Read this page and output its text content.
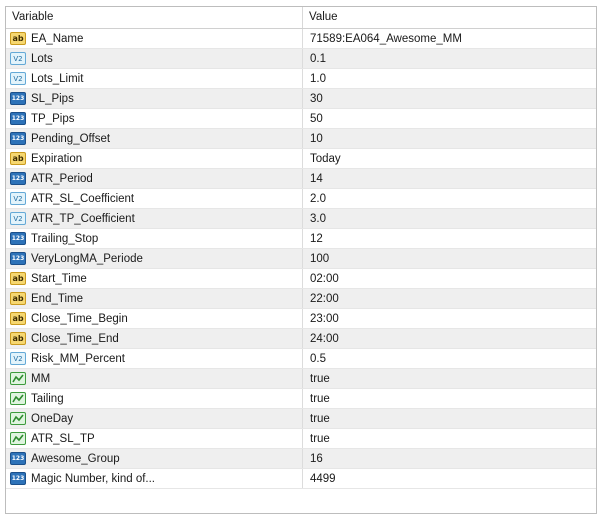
Variable	Value
ab EA_Name	71589:EA064_Awesome_MM
V2 Lots	0.1
V2 Lots_Limit	1.0
123 SL_Pips	30
123 TP_Pips	50
123 Pending_Offset	10
ab Expiration	Today
123 ATR_Period	14
V2 ATR_SL_Coefficient	2.0
V2 ATR_TP_Coefficient	3.0
123 Trailing_Stop	12
123 VeryLongMA_Periode	100
ab Start_Time	02:00
ab End_Time	22:00
ab Close_Time_Begin	23:00
ab Close_Time_End	24:00
V2 Risk_MM_Percent	0.5
MM	true
Tailing	true
OneDay	true
ATR_SL_TP	true
123 Awesome_Group	16
123 Magic Number, kind of...	4499
